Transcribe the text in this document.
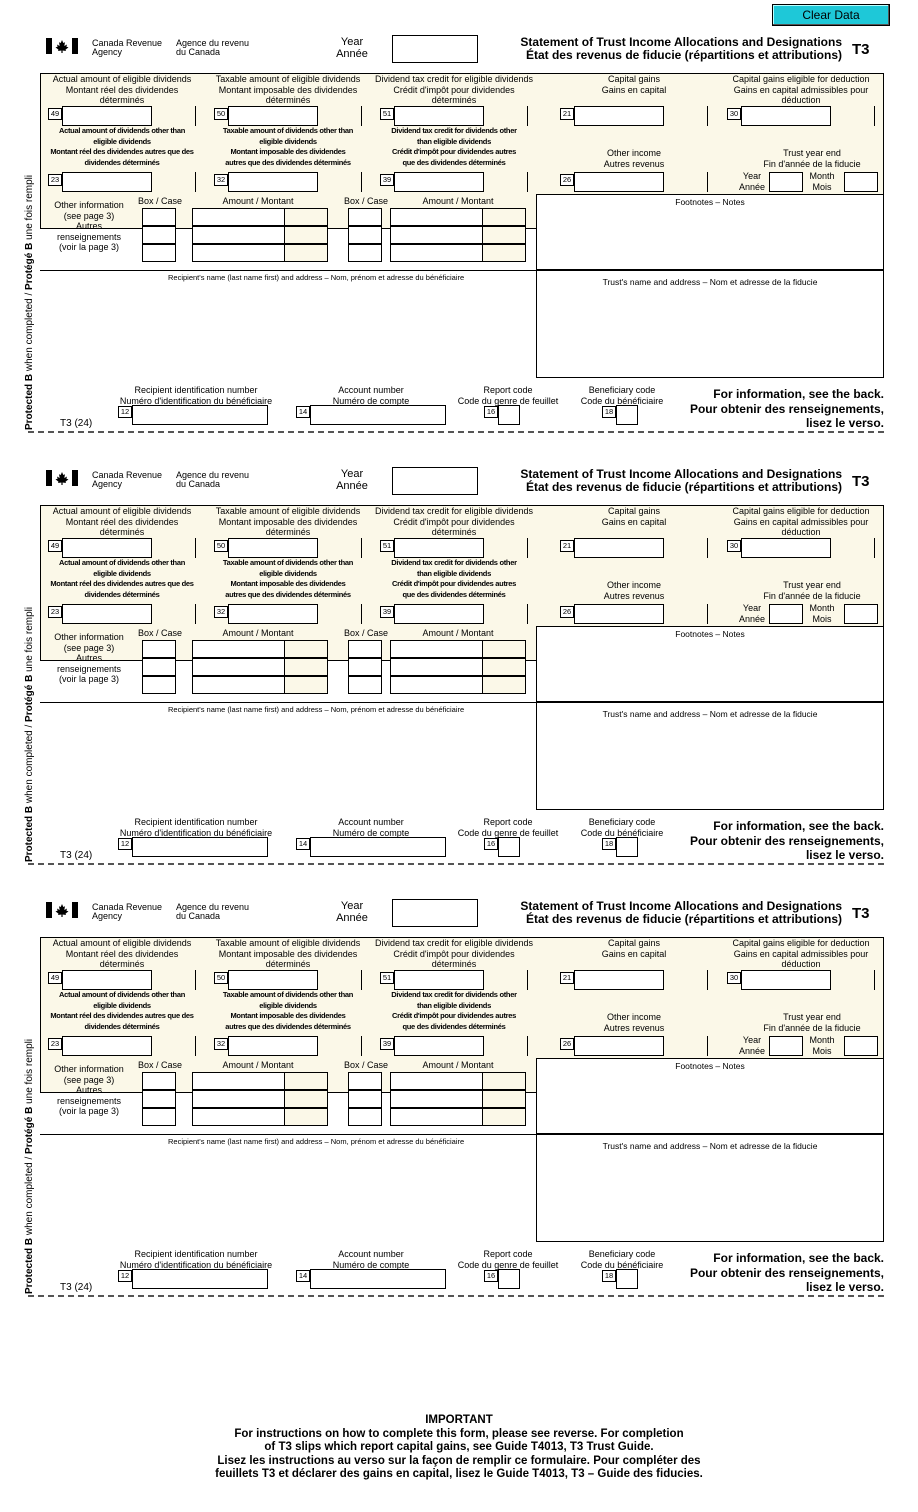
Clear Data
Canada Revenue
Agency
Agence du revenu
du Canada
Year
Année
Statement of Trust Income Allocations and Designations
État des revenus de fiducie (répartitions et attributions) T3
Actual amount of eligible dividends
Montant réel des dividendes
déterminés
49
Taxable amount of eligible dividends
Montant imposable des dividendes
déterminés
50
Dividend tax credit for eligible dividends
Crédit d'impôt pour dividendes
déterminés
51
Capital gains
Gains en capital
21
Capital gains eligible for deduction
Gains en capital admissibles pour
déduction
30
Actual amount of dividends other than
eligible dividends
Montant réel des dividendes autres que des
dividendes déterminés
23
Taxable amount of dividends other than
eligible dividends
Montant imposable des dividendes
autres que des dividendes déterminés
32
Dividend tax credit for dividends other
than eligible dividends
Crédit d'impôt pour dividendes autres
que des dividendes déterminés
39
Other income
Autres revenus
26
Trust year end
Fin d'année de la fiducie
Year
Année
Month
Mois
Other information
(see page 3)
Autres
renseignements
(voir la page 3)
Box / Case	Amount / Montant	Box / Case	Amount / Montant	Footnotes – Notes
Recipient's name (last name first) and address – Nom, prénom et adresse du bénéficiaire	Trust's name and address – Nom et adresse de la fiducie
Recipient identification number
Numéro d'identification du bénéficiaire
12
Account number
Numéro de compte
14
Report code
Code du genre de feuillet
16
Beneficiary code
Code du bénéficiaire
18
For information, see the back.
Pour obtenir des renseignements,
lisez le verso.
T3 (24)
Protected B when completed / Protégé B une fois rempli
Canada Revenue
Agency
Agence du revenu
du Canada
Year
Année
Statement of Trust Income Allocations and Designations
État des revenus de fiducie (répartitions et attributions) T3
Actual amount of eligible dividends
Montant réel des dividendes
déterminés
49
Taxable amount of eligible dividends
Montant imposable des dividendes
déterminés
50
Dividend tax credit for eligible dividends
Crédit d'impôt pour dividendes
déterminés
51
Capital gains
Gains en capital
21
Capital gains eligible for deduction
Gains en capital admissibles pour
déduction
30
Actual amount of dividends other than
eligible dividends
Montant réel des dividendes autres que des
dividendes déterminés
23
Taxable amount of dividends other than
eligible dividends
Montant imposable des dividendes
autres que des dividendes déterminés
32
Dividend tax credit for dividends other
than eligible dividends
Crédit d'impôt pour dividendes autres
que des dividendes déterminés
39
Other income
Autres revenus
26
Trust year end
Fin d'année de la fiducie
Year
Année
Month
Mois
Other information
(see page 3)
Autres
renseignements
(voir la page 3)
Box / Case	Amount / Montant	Box / Case	Amount / Montant	Footnotes – Notes
Recipient's name (last name first) and address – Nom, prénom et adresse du bénéficiaire	Trust's name and address – Nom et adresse de la fiducie
Recipient identification number
Numéro d'identification du bénéficiaire
12
Account number
Numéro de compte
14
Report code
Code du genre de feuillet
16
Beneficiary code
Code du bénéficiaire
18
For information, see the back.
Pour obtenir des renseignements,
lisez le verso.
T3 (24)
Protected B when completed / Protégé B une fois rempli
Canada Revenue
Agency
Agence du revenu
du Canada
Year
Année
Statement of Trust Income Allocations and Designations
État des revenus de fiducie (répartitions et attributions) T3
Actual amount of eligible dividends
Montant réel des dividendes
déterminés
49
Taxable amount of eligible dividends
Montant imposable des dividendes
déterminés
50
Dividend tax credit for eligible dividends
Crédit d'impôt pour dividendes
déterminés
51
Capital gains
Gains en capital
21
Capital gains eligible for deduction
Gains en capital admissibles pour
déduction
30
Actual amount of dividends other than
eligible dividends
Montant réel des dividendes autres que des
dividendes déterminés
23
Taxable amount of dividends other than
eligible dividends
Montant imposable des dividendes
autres que des dividendes déterminés
32
Dividend tax credit for dividends other
than eligible dividends
Crédit d'impôt pour dividendes autres
que des dividendes déterminés
39
Other income
Autres revenus
26
Trust year end
Fin d'année de la fiducie
Year
Année
Month
Mois
Other information
(see page 3)
Autres
renseignements
(voir la page 3)
Box / Case	Amount / Montant	Box / Case	Amount / Montant	Footnotes – Notes
Recipient's name (last name first) and address – Nom, prénom et adresse du bénéficiaire	Trust's name and address – Nom et adresse de la fiducie
Recipient identification number
Numéro d'identification du bénéficiaire
12
Account number
Numéro de compte
14
Report code
Code du genre de feuillet
16
Beneficiary code
Code du bénéficiaire
18
For information, see the back.
Pour obtenir des renseignements,
lisez le verso.
T3 (24)
Protected B when completed / Protégé B une fois rempli
IMPORTANT
For instructions on how to complete this form, please see reverse. For completion
of T3 slips which report capital gains, see Guide T4013, T3 Trust Guide.
Lisez les instructions au verso sur la façon de remplir ce formulaire. Pour compléter des
feuillets T3 et déclarer des gains en capital, lisez le Guide T4013, T3 – Guide des fiducies.
